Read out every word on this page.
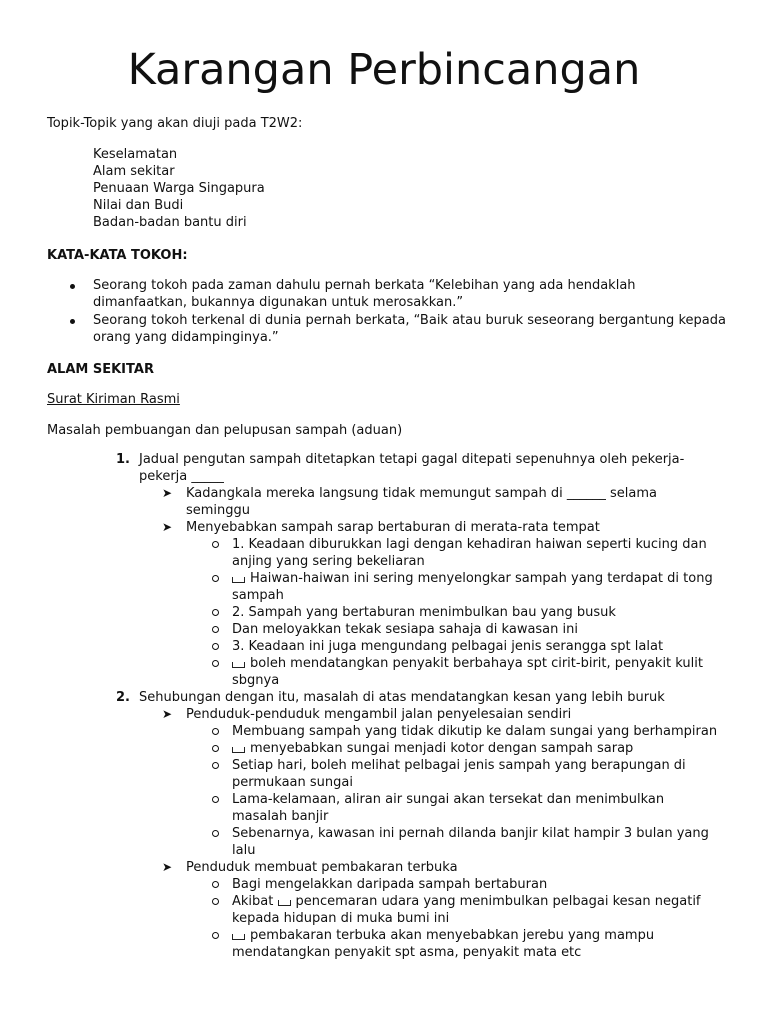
Karangan Perbincangan
Topik-Topik yang akan diuji pada T2W2:
Keselamatan
Alam sekitar
Penuaan Warga Singapura
Nilai dan Budi
Badan-badan bantu diri
KATA-KATA TOKOH:
Seorang tokoh pada zaman dahulu pernah berkata “Kelebihan yang ada hendaklah dimanfaatkan, bukannya digunakan untuk merosakkan.”
Seorang tokoh terkenal di dunia pernah berkata, “Baik atau buruk seseorang bergantung kepada orang yang didampinginya.”
ALAM SEKITAR
Surat Kiriman Rasmi
Masalah pembuangan dan pelupusan sampah (aduan)
1. Jadual pengutan sampah ditetapkan tetapi gagal ditepati sepenuhnya oleh pekerja-pekerja _____
➤ Kadangkala mereka langsung tidak memungut sampah di ______ selama seminggu
➤ Menyebabkan sampah sarap bertaburan di merata-rata tempat
1. Keadaan diburukkan lagi dengan kehadiran haiwan seperti kucing dan anjing yang sering bekeliaran
Haiwan-haiwan ini sering menyelongkar sampah yang terdapat di tong sampah
2. Sampah yang bertaburan menimbulkan bau yang busuk
Dan meloyakkan tekak sesiapa sahaja di kawasan ini
3. Keadaan ini juga mengundang pelbagai jenis serangga spt lalat
boleh mendatangkan penyakit berbahaya spt cirit-birit, penyakit kulit sbgnya
2. Sehubungan dengan itu, masalah di atas mendatangkan kesan yang lebih buruk
➤ Penduduk-penduduk mengambil jalan penyelesaian sendiri
Membuang sampah yang tidak dikutip ke dalam sungai yang berhampiran
menyebabkan sungai menjadi kotor dengan sampah sarap
Setiap hari, boleh melihat pelbagai jenis sampah yang berapungan di permukaan sungai
Lama-kelamaan, aliran air sungai akan tersekat dan menimbulkan masalah banjir
Sebenarnya, kawasan ini pernah dilanda banjir kilat hampir 3 bulan yang lalu
➤ Penduduk membuat pembakaran terbuka
Bagi mengelakkan daripada sampah bertaburan
Akibat pencemaran udara yang menimbulkan pelbagai kesan negatif kepada hidupan di muka bumi ini
pembakaran terbuka akan menyebabkan jerebu yang mampu mendatangkan penyakit spt asma, penyakit mata etc
